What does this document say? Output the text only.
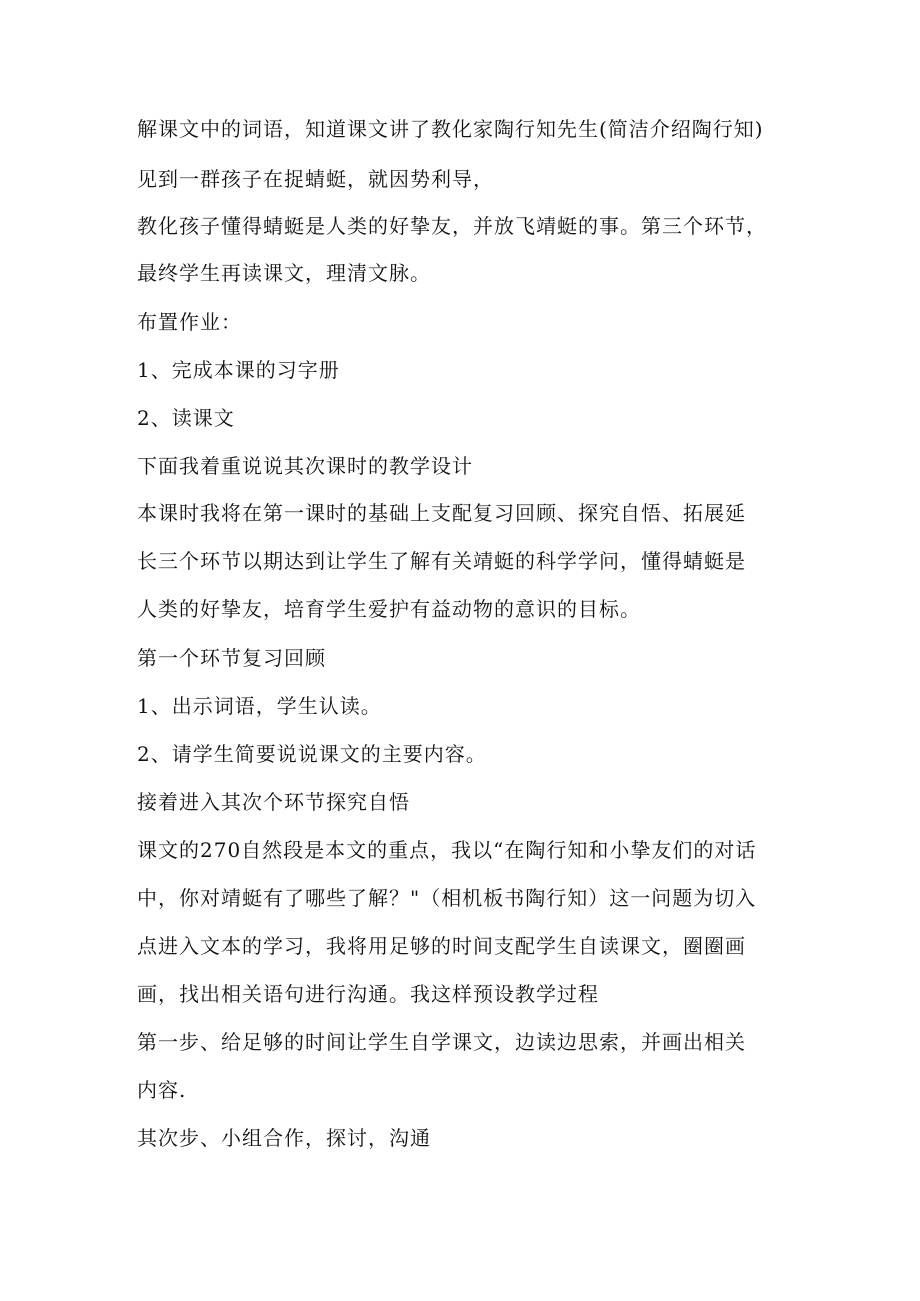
解课文中的词语，知道课文讲了教化家陶行知先生(简洁介绍陶行知)

见到一群孩子在捉蜻蜓，就因势利导，

教化孩子懂得蜻蜓是人类的好挚友，并放飞靖蜓的事。第三个环节，

最终学生再读课文，理清文脉。

布置作业：

1、完成本课的习字册

2、读课文

下面我着重说说其次课时的教学设计

本课时我将在第一课时的基础上支配复习回顾、探究自悟、拓展延

长三个环节以期达到让学生了解有关靖蜓的科学学问，懂得蜻蜓是

人类的好挚友，培育学生爱护有益动物的意识的目标。

第一个环节复习回顾

1、出示词语，学生认读。

2、请学生简要说说课文的主要内容。

接着进入其次个环节探究自悟

课文的270自然段是本文的重点，我以“在陶行知和小挚友们的对话

中，你对靖蜓有了哪些了解？"（相机板书陶行知）这一问题为切入

点进入文本的学习，我将用足够的时间支配学生自读课文，圈圈画

画，找出相关语句进行沟通。我这样预设教学过程

第一步、给足够的时间让学生自学课文，边读边思索，并画出相关

内容.

其次步、小组合作，探讨，沟通
